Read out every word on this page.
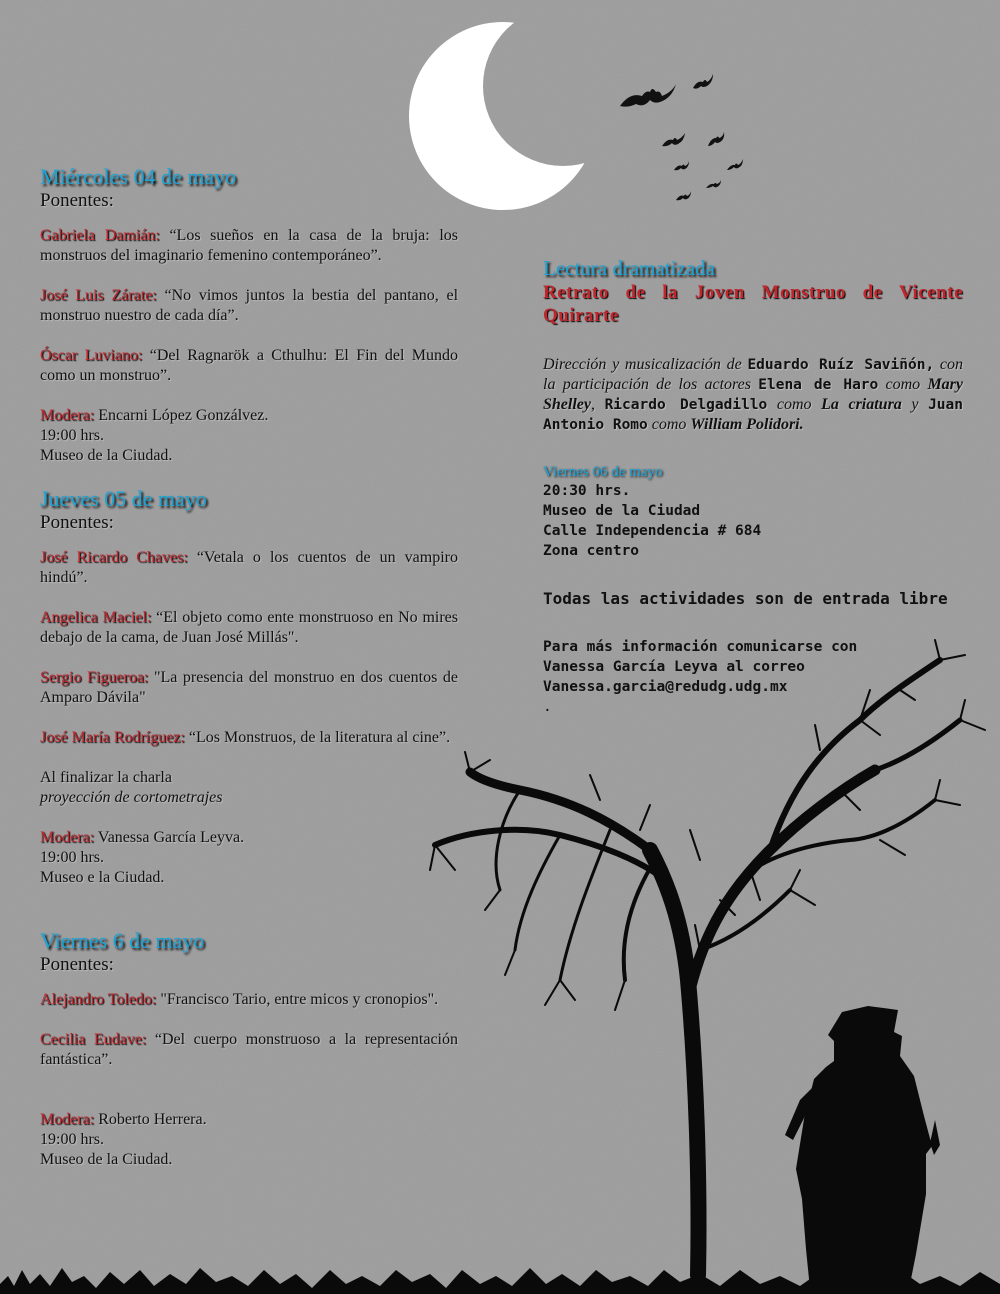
Miércoles 04 de mayo
Ponentes:
Gabriela Damián: “Los sueños en la casa de la bruja: los monstruos del imaginario femenino contemporáneo”.
José Luis Zárate: “No vimos juntos la bestia del pantano, el monstruo nuestro de cada día”.
Óscar Luviano: “Del Ragnarök a Cthulhu: El Fin del Mundo como un monstruo”.
Modera: Encarni López Gonzálvez.
19:00 hrs.
Museo de la Ciudad.
Jueves 05 de mayo
Ponentes:
José Ricardo Chaves: “Vetala o los cuentos de un vampiro hindú”.
Angelica Maciel: “El objeto como ente monstruoso en No mires debajo de la cama, de Juan José Millás".
Sergio Figueroa: "La presencia del monstruo en dos cuentos de Amparo Dávila"
José María Rodríguez: “Los Monstruos, de la literatura al cine”.
Al finalizar la charla
proyección de cortometrajes
Modera: Vanessa García Leyva.
19:00 hrs.
Museo e la Ciudad.
Viernes 6 de mayo
Ponentes:
Alejandro Toledo: "Francisco Tario, entre micos y cronopios".
Cecilia Eudave: “Del cuerpo monstruoso a la representación fantástica”.
Modera: Roberto Herrera.
19:00 hrs.
Museo de la Ciudad.
Lectura dramatizada
Retrato de la Joven Monstruo de Vicente Quirarte
Dirección y musicalización de Eduardo Ruíz Saviñón, con la participación de los actores Elena de Haro como Mary Shelley, Ricardo Delgadillo como La criatura y Juan Antonio Romo como William Polidori.
Viernes 06 de mayo
20:30 hrs.
Museo de la Ciudad
Calle Independencia # 684
Zona centro
Todas las actividades son de entrada libre
Para más información comunicarse con
Vanessa García Leyva al correo
Vanessa.garcia@redudg.udg.mx
.
